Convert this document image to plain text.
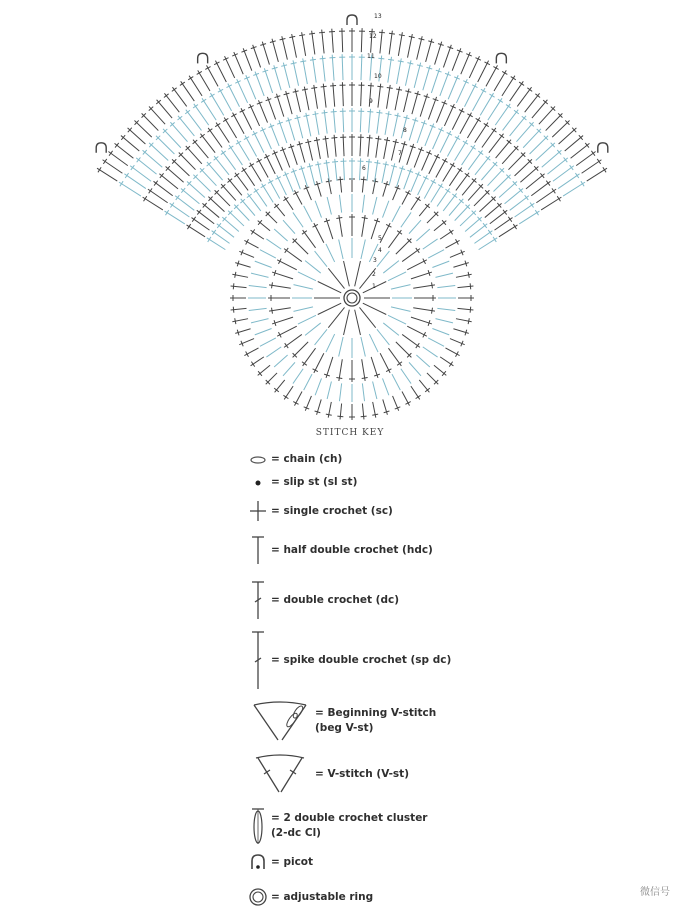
13
12
11
10
9
8
7
6
5
4
3
2
1
STITCH KEY
= chain (ch)
= slip st (sl st)
= single crochet (sc)
= half double crochet (hdc)
= double crochet (dc)
= spike double crochet (sp dc)
= Beginning V-stitch
(beg V-st)
= V-stitch (V-st)
= 2 double crochet cluster
(2-dc Cl)
= picot
= adjustable ring	微信号
